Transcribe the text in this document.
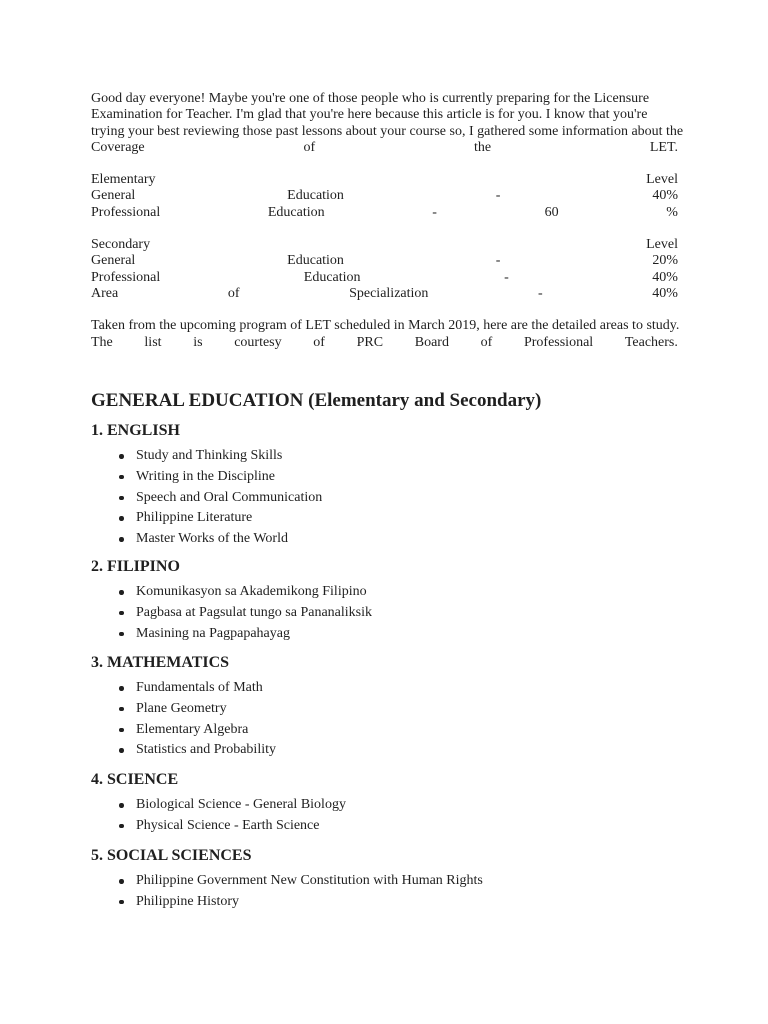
Good day everyone! Maybe you're one of those people who is currently preparing for the Licensure
Examination for Teacher. I'm glad that you're here because this article is for you. I know that you're
trying your best reviewing those past lessons about your course so, I gathered some information about the
Coverage	of	the	LET.
Elementary	Level
General	Education	-	40%
Professional	Education	-	60	%
Secondary	Level
General	Education	-	20%
Professional	Education	-	40%
Area	of	Specialization	-	40%
Taken from the upcoming program of LET scheduled in March 2019, here are the detailed areas to study.
The list is courtesy of PRC Board of Professional Teachers.
GENERAL EDUCATION (Elementary and Secondary)
1. ENGLISH
Study and Thinking Skills
Writing in the Discipline
Speech and Oral Communication
Philippine Literature
Master Works of the World
2. FILIPINO
Komunikasyon sa Akademikong Filipino
Pagbasa at Pagsulat tungo sa Pananaliksik
Masining na Pagpapahayag
3. MATHEMATICS
Fundamentals of Math
Plane Geometry
Elementary Algebra
Statistics and Probability
4. SCIENCE
Biological Science - General Biology
Physical Science - Earth Science
5. SOCIAL SCIENCES
Philippine Government New Constitution with Human Rights
Philippine History
